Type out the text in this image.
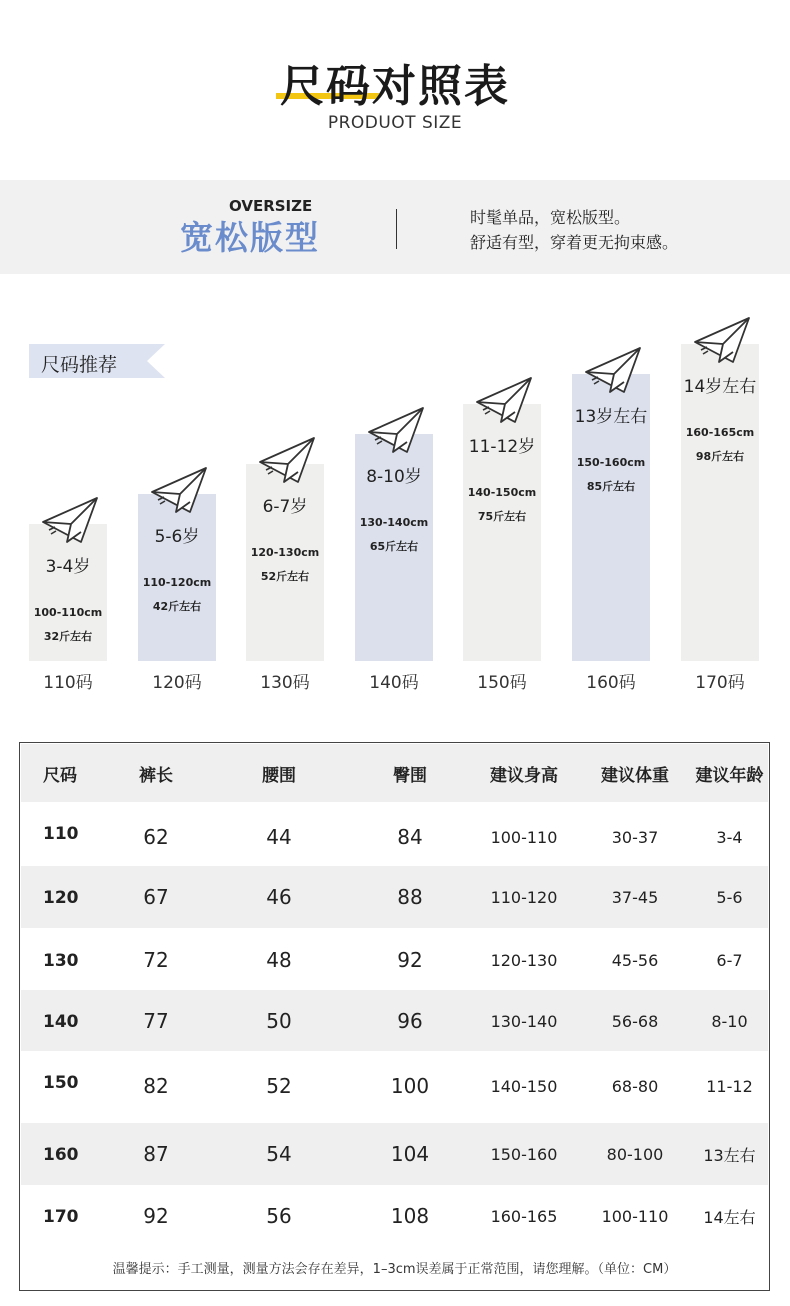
尺码对照表
PRODUOT SIZE
OVERSIZE
宽松版型
时髦单品，宽松版型。
舒适有型，穿着更无拘束感。
尺码推荐
3-4岁
100-110cm
32斤左右
110码
5-6岁
110-120cm
42斤左右
120码
6-7岁
120-130cm
52斤左右
130码
8-10岁
130-140cm
65斤左右
140码
11-12岁
140-150cm
75斤左右
150码
13岁左右
150-160cm
85斤左右
160码
14岁左右
160-165cm
98斤左右
170码
尺码	裤长	腰围	臀围	建议身高	建议体重	建议年龄
110	62	44	84	100-110	30-37	3-4
120	67	46	88	110-120	37-45	5-6
130	72	48	92	120-130	45-56	6-7
140	77	50	96	130-140	56-68	8-10
150	82	52	100	140-150	68-80	11-12
160	87	54	104	150-160	80-100	13左右
170	92	56	108	160-165	100-110	14左右
温馨提示：手工测量，测量方法会存在差异，1–3cm误差属于正常范围，请您理解。（单位：CM）
